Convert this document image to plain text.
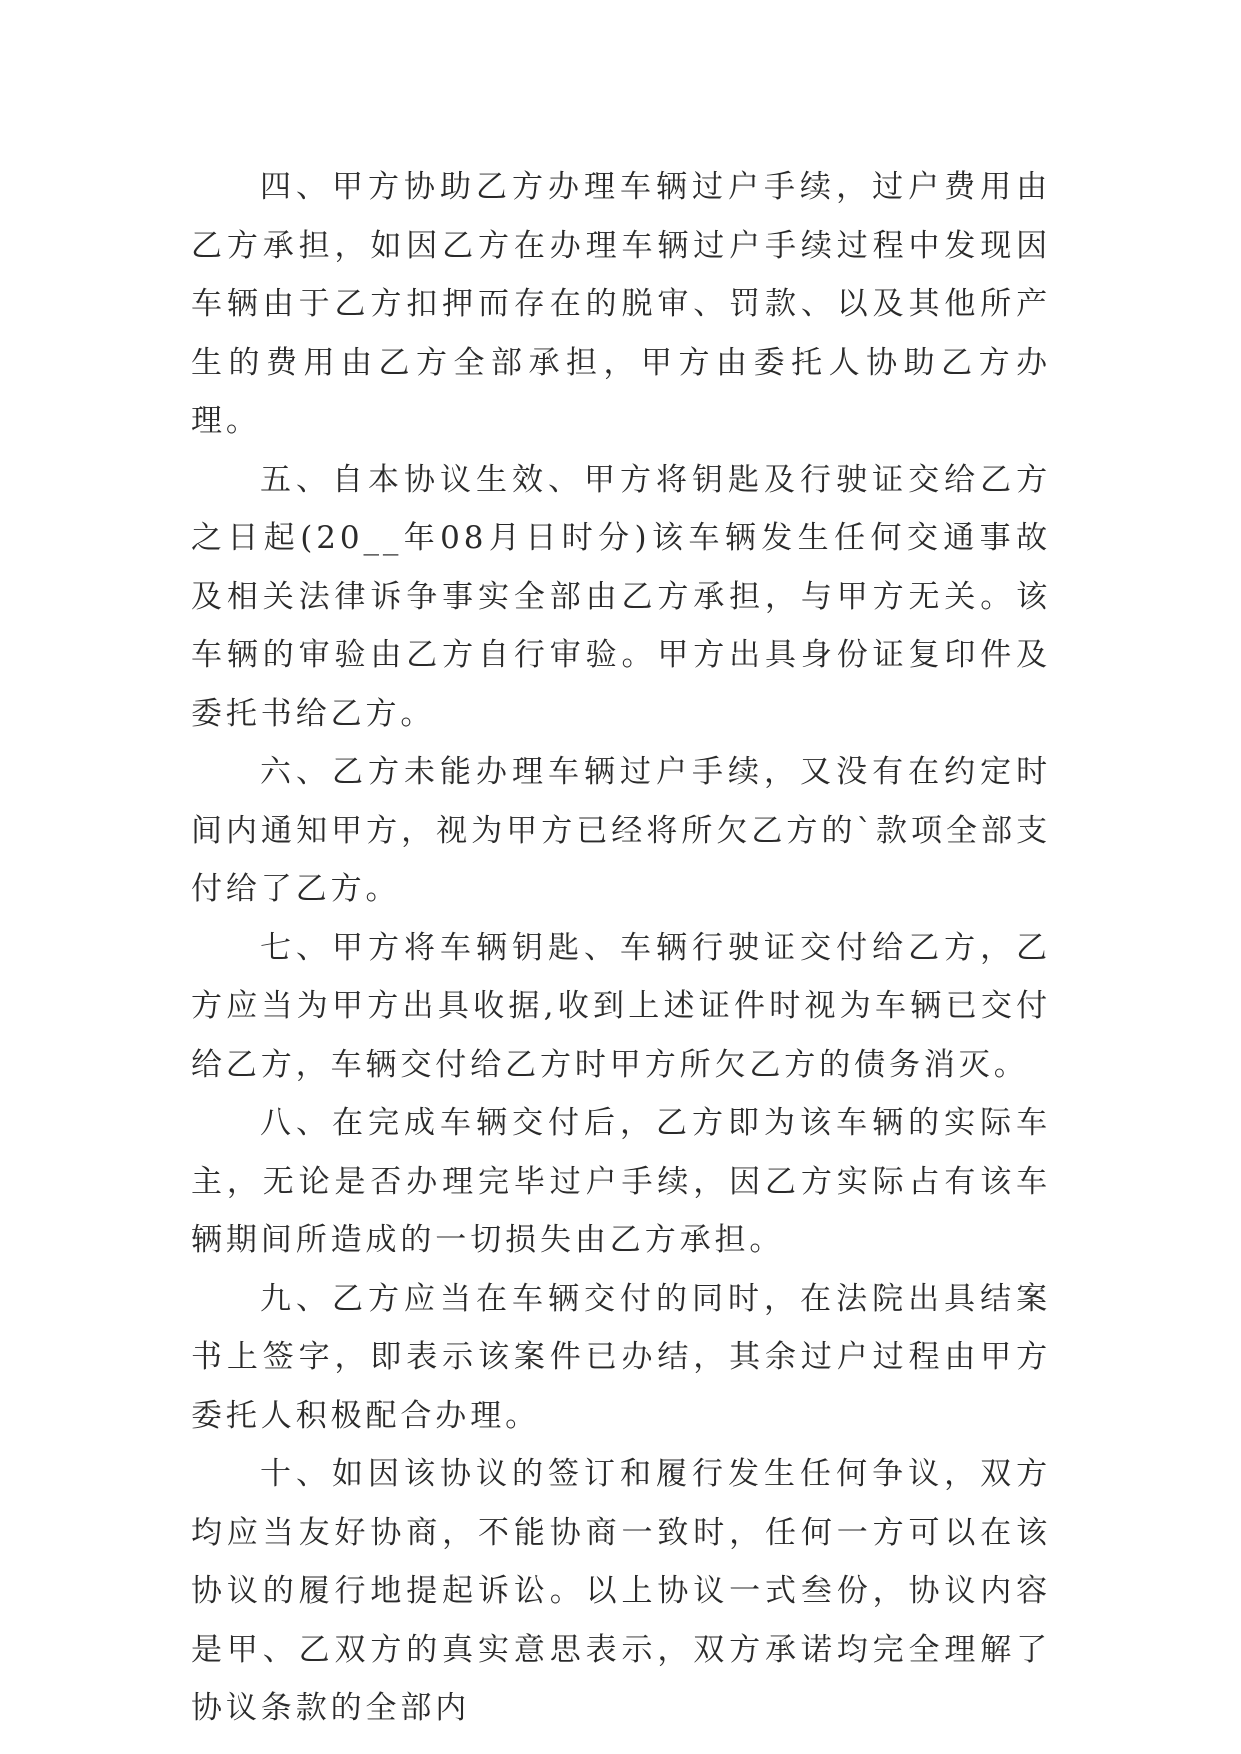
四、甲方协助乙方办理车辆过户手续，过户费用由乙方承担，如因乙方在办理车辆过户手续过程中发现因车辆由于乙方扣押而存在的脱审、罚款、以及其他所产生的费用由乙方全部承担，甲方由委托人协助乙方办理。

五、自本协议生效、甲方将钥匙及行驶证交给乙方之日起(20__年08月日时分)该车辆发生任何交通事故及相关法律诉争事实全部由乙方承担，与甲方无关。该车辆的审验由乙方自行审验。甲方出具身份证复印件及委托书给乙方。

六、乙方未能办理车辆过户手续，又没有在约定时间内通知甲方，视为甲方已经将所欠乙方的`款项全部支付给了乙方。

七、甲方将车辆钥匙、车辆行驶证交付给乙方，乙方应当为甲方出具收据,收到上述证件时视为车辆已交付给乙方，车辆交付给乙方时甲方所欠乙方的债务消灭。

八、在完成车辆交付后，乙方即为该车辆的实际车主，无论是否办理完毕过户手续，因乙方实际占有该车辆期间所造成的一切损失由乙方承担。

九、乙方应当在车辆交付的同时，在法院出具结案书上签字，即表示该案件已办结，其余过户过程由甲方委托人积极配合办理。

十、如因该协议的签订和履行发生任何争议，双方均应当友好协商，不能协商一致时，任何一方可以在该协议的履行地提起诉讼。以上协议一式叁份，协议内容是甲、乙双方的真实意思表示，双方承诺均完全理解了协议条款的全部内
